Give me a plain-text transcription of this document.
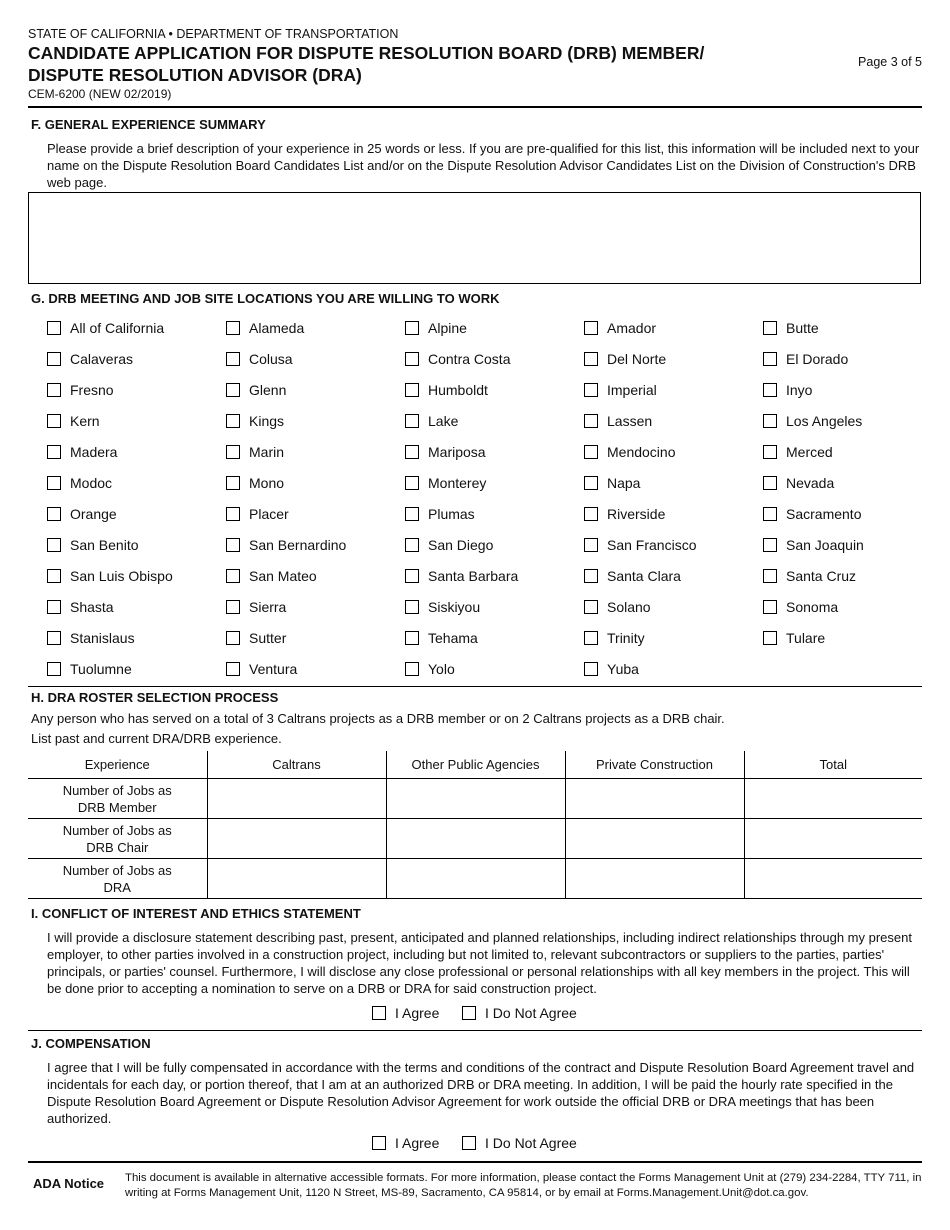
STATE OF CALIFORNIA • DEPARTMENT OF TRANSPORTATION
CANDIDATE APPLICATION FOR DISPUTE RESOLUTION BOARD (DRB) MEMBER/
DISPUTE RESOLUTION ADVISOR (DRA)
CEM-6200 (NEW 02/2019)
Page 3 of 5
F. GENERAL EXPERIENCE SUMMARY
Please provide a brief description of your experience in 25 words or less. If you are pre-qualified for this list, this information will be included next to your name on the Dispute Resolution Board Candidates List and/or on the Dispute Resolution Advisor Candidates List on the Division of Construction's DRB web page.
G. DRB MEETING AND JOB SITE LOCATIONS YOU ARE WILLING TO WORK
All of California	Alameda	Alpine	Amador	Butte
Calaveras	Colusa	Contra Costa	Del Norte	El Dorado
Fresno	Glenn	Humboldt	Imperial	Inyo
Kern	Kings	Lake	Lassen	Los Angeles
Madera	Marin	Mariposa	Mendocino	Merced
Modoc	Mono	Monterey	Napa	Nevada
Orange	Placer	Plumas	Riverside	Sacramento
San Benito	San Bernardino	San Diego	San Francisco	San Joaquin
San Luis Obispo	San Mateo	Santa Barbara	Santa Clara	Santa Cruz
Shasta	Sierra	Siskiyou	Solano	Sonoma
Stanislaus	Sutter	Tehama	Trinity	Tulare
Tuolumne	Ventura	Yolo	Yuba
H. DRA ROSTER SELECTION PROCESS
Any person who has served on a total of 3 Caltrans projects as a DRB member or on 2 Caltrans projects as a DRB chair.
List past and current DRA/DRB experience.
Experience	Caltrans	Other Public Agencies	Private Construction	Total

Number of Jobs as
DRB Member				

Number of Jobs as
DRB Chair				

Number of Jobs as
DRA				

I. CONFLICT OF INTEREST AND ETHICS STATEMENT
I will provide a disclosure statement describing past, present, anticipated and planned relationships, including indirect relationships through my present employer, to other parties involved in a construction project, including but not limited to, relevant subcontractors or suppliers to the parties, parties' principals, or parties' counsel. Furthermore, I will disclose any close professional or personal relationships with all key members in the project. This will be done prior to accepting a nomination to serve on a DRB or DRA for said construction project.
I Agree	I Do Not Agree
J. COMPENSATION
I agree that I will be fully compensated in accordance with the terms and conditions of the contract and Dispute Resolution Board Agreement travel and incidentals for each day, or portion thereof, that I am at an authorized DRB or DRA meeting. In addition, I will be paid the hourly rate specified in the Dispute Resolution Board Agreement or Dispute Resolution Advisor Agreement for work outside the official DRB or DRA meetings that has been authorized.
I Agree	I Do Not Agree
ADA Notice This document is available in alternative accessible formats. For more information, please contact the Forms Management Unit at (279) 234-2284, TTY 711, in writing at Forms Management Unit, 1120 N Street, MS-89, Sacramento, CA 95814, or by email at Forms.Management.Unit@dot.ca.gov.
